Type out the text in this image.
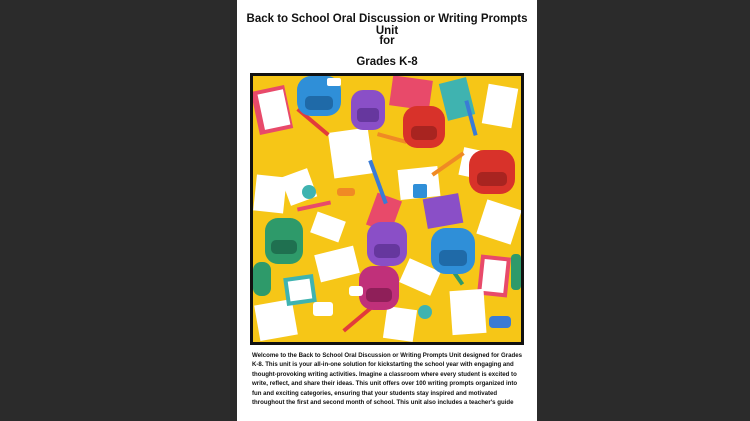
Back to School Oral Discussion or Writing Prompts Unit
for
Grades K-8
Welcome to the Back to School Oral Discussion or Writing Prompts Unit designed for Grades K-8. This unit is your all-in-one solution for kickstarting the school year with engaging and thought-provoking writing activities. Imagine a classroom where every student is excited to write, reflect, and share their ideas. This unit offers over 100 writing prompts organized into fun and exciting categories, ensuring that your students stay inspired and motivated throughout the first and second month of school. This unit also includes a teacher's guide
